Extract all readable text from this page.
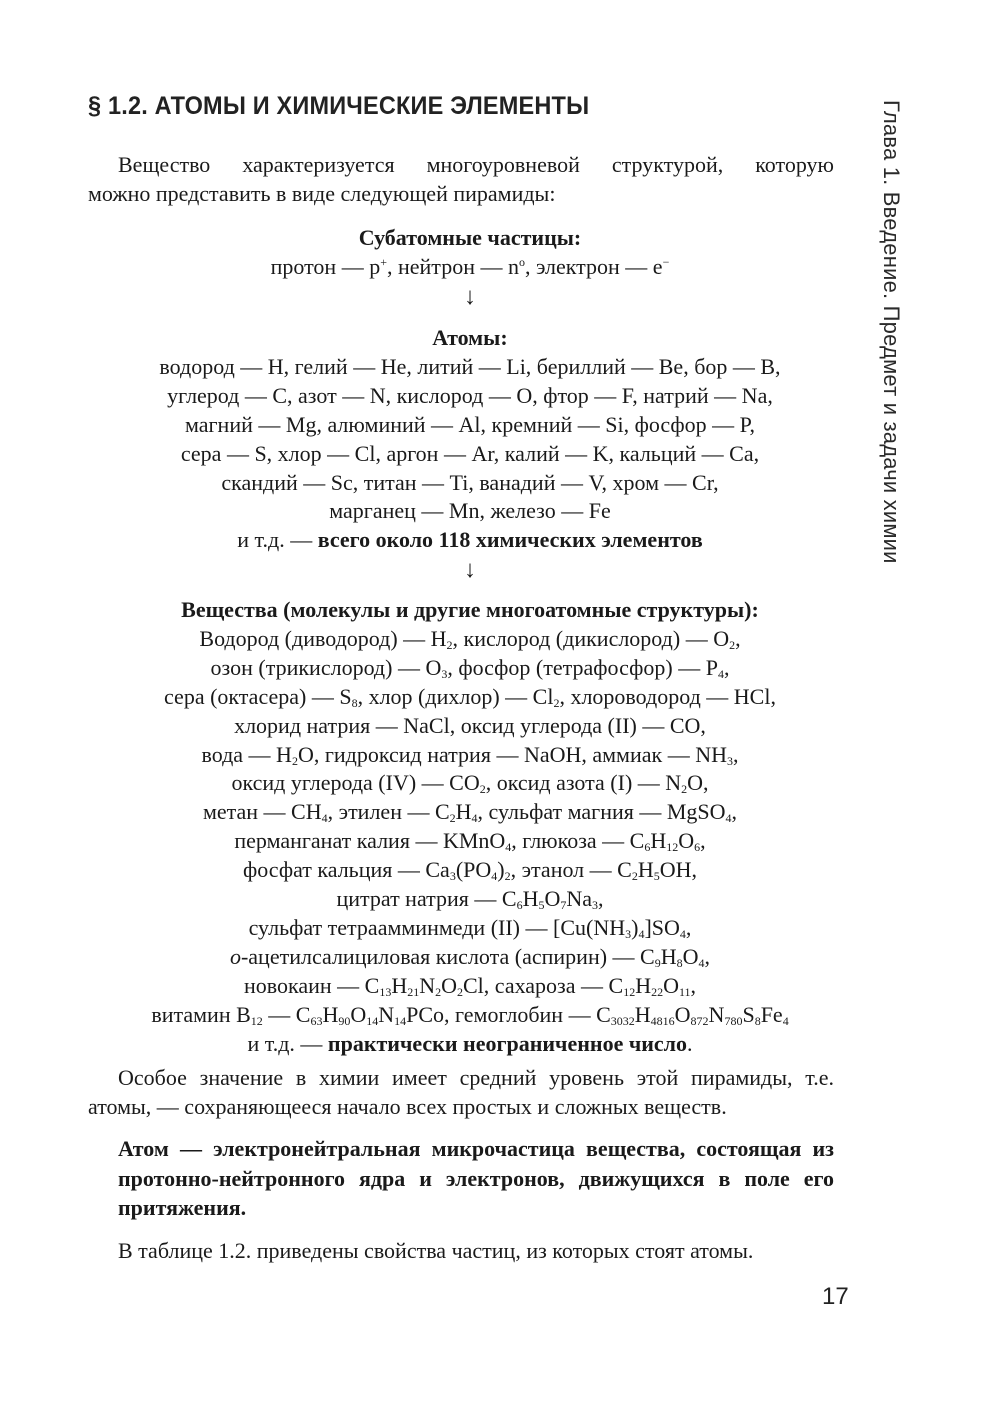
§ 1.2. АТОМЫ И ХИМИЧЕСКИЕ ЭЛЕМЕНТЫ	Глава 1. Введение. Предмет и задачи химии

Вещество характеризуется многоуровневой структурой, которую

можно представить в виде следующей пирамиды:

Субатомные частицы:
протон — p+, нейтрон — $n^o$, электрон — e−
↓
Атомы:
водород — H, гелий — He, литий — Li, бериллий — Be, бор — B,
углерод — C, азот — N, кислород — O, фтор — F, натрий — Na,
магний — Mg, алюминий — Al, кремний — Si, фосфор — P,
сера — S, хлор — Cl, аргон — Ar, калий — K, кальций — Ca,
скандий — Sc, титан — Ti, ванадий — V, хром — Cr,
марганец — Mn, железо — Fe
и т.д. — всего около 118 химических элементов
↓
Вещества (молекулы и другие многоатомные структуры):
Водород (диводород) — $H_2$, кислород (дикислород) — $O_2$,
озон (трикислород) — $O_3$, фосфор (тетрафосфор) — $P_4$,
сера (октасера) — $S_8$, хлор (дихлор) — $Cl_2$, хлороводород — HCl,
хлорид натрия — NaCl, оксид углерода (II) — CO,
вода — $H_2O$, гидроксид натрия — NaOH, аммиак — $NH_3$,
оксид углерода (IV) — $CO_2$, оксид азота (I) — $N_2O$,
метан — $CH_4$, этилен — $C_2H_4$, сульфат магния — MgSO$_4$,
перманганат калия — KMnO$_4$, глюкоза — $C_6H_{12}O_6$,
фосфат кальция — $Ca_3(PO_4)_2$, этанол — $C_2H_5OH$,
цитрат натрия — $C_6H_5O_7Na_3$,
сульфат тетраамминмеди (II) — $[Cu(NH_3)_4]SO_4$,
o-ацетилсалициловая кислота (аспирин) — $C_9H_8O_4$,
новокаин — $C_{13}H_{21}N_2O_2Cl$, сахароза — $C_{12}H_{22}O_{11}$,
витамин $B_{12}$ — $C_{63}H_{90}O_{14}N_{14}PCo$, гемоглобин — $C_{3032}H_{4816}O_{872}N_{780}S_8Fe_4$
и т.д. — практически неограниченное число.

Особое значение в химии имеет средний уровень этой пирамиды, т.е.

атомы, — сохраняющееся начало всех простых и сложных веществ.

Атом — электронейтральная микрочастица вещества, состоящая из протонно-нейтронного ядра и электронов, движущихся в поле его притяжения.

В таблице 1.2. приведены свойства частиц, из которых стоят атомы.

17
